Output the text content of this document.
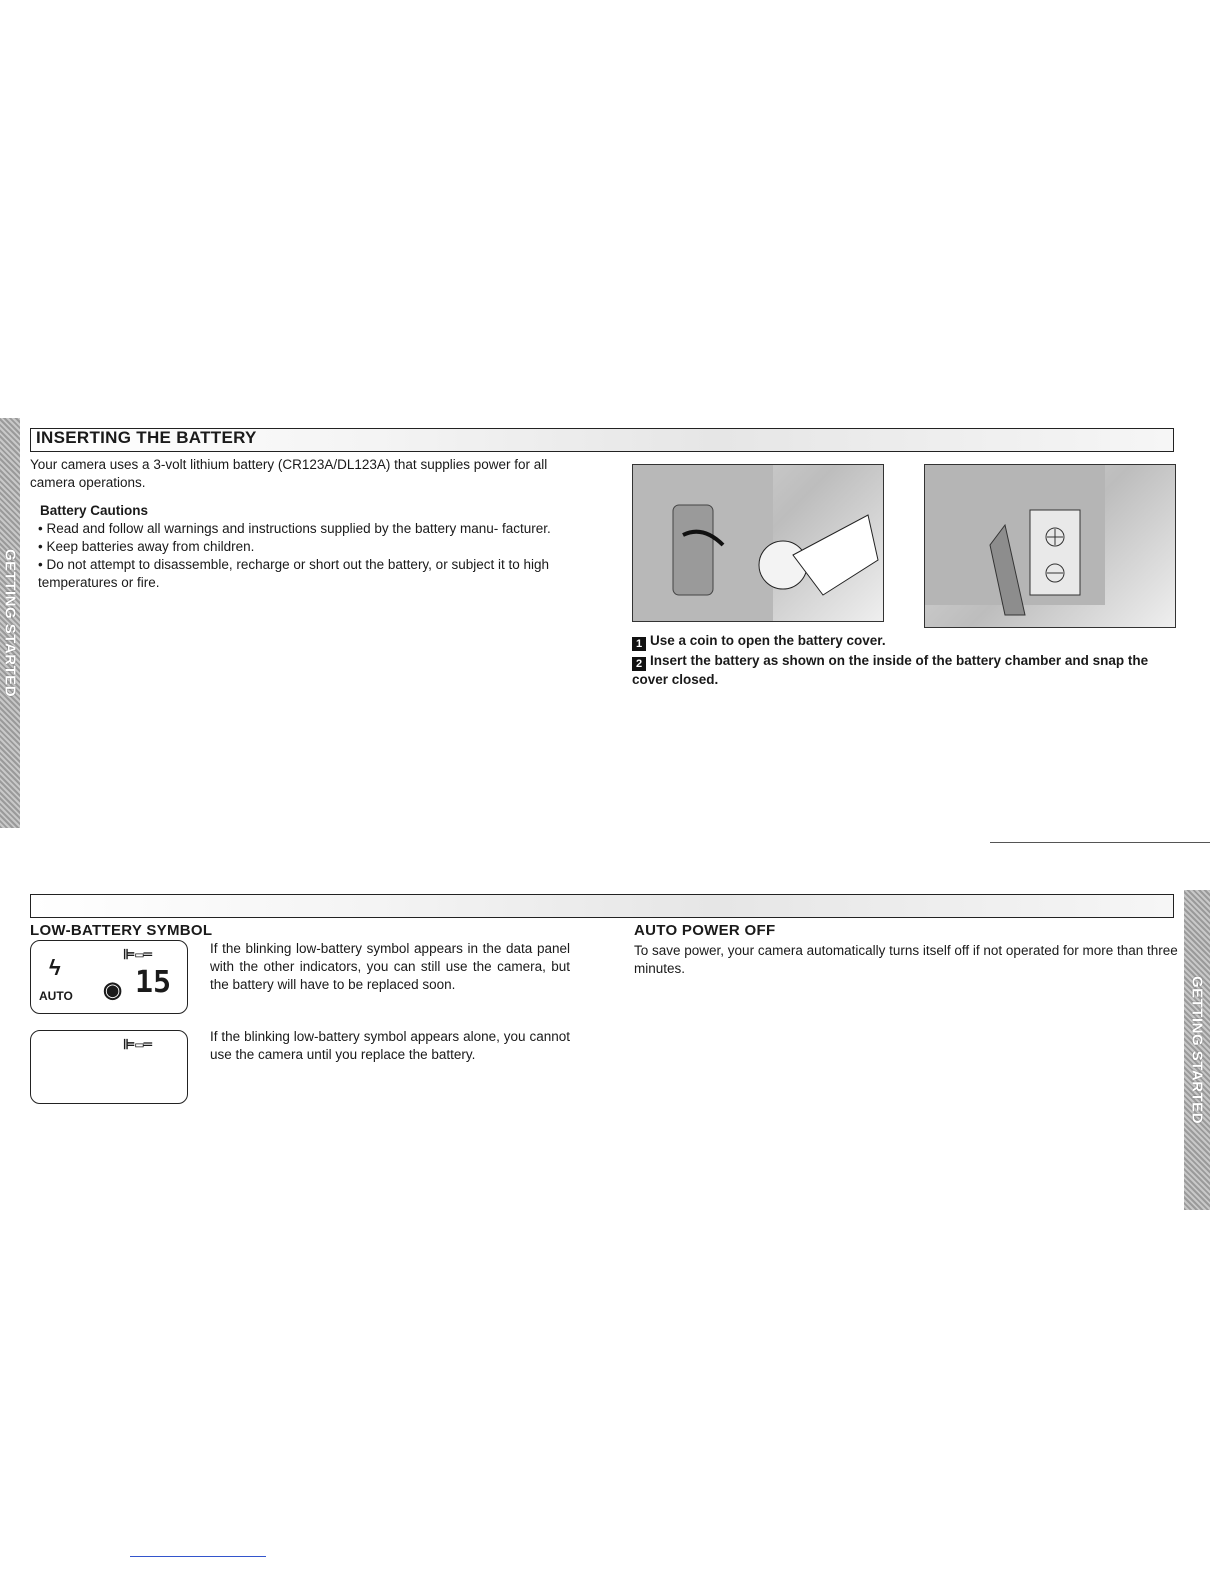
GETTING STARTED
GETTING STARTED
INSERTING THE BATTERY
Your camera uses a 3-volt lithium battery (CR123A/DL123A) that supplies power for all camera operations.
Battery Cautions
• Read and follow all warnings and instructions supplied by the battery manu- facturer.
• Keep batteries away from children.
• Do not attempt to disassemble, recharge or short out the battery, or subject it to high temperatures or fire.
1 Use a coin to open the battery cover.
2 Insert the battery as shown on the inside of the battery chamber and snap the cover closed.
LOW-BATTERY SYMBOL
ϟ
AUTO
⊫▭═
◉ 15
If the blinking low-battery symbol appears in the data panel with the other indicators, you can still use the camera, but the battery will have to be replaced soon.
⊫▭═
If the blinking low-battery symbol appears alone, you cannot use the camera until you replace the battery.
AUTO POWER OFF
To save power, your camera automatically turns itself off if not operated for more than three minutes.
